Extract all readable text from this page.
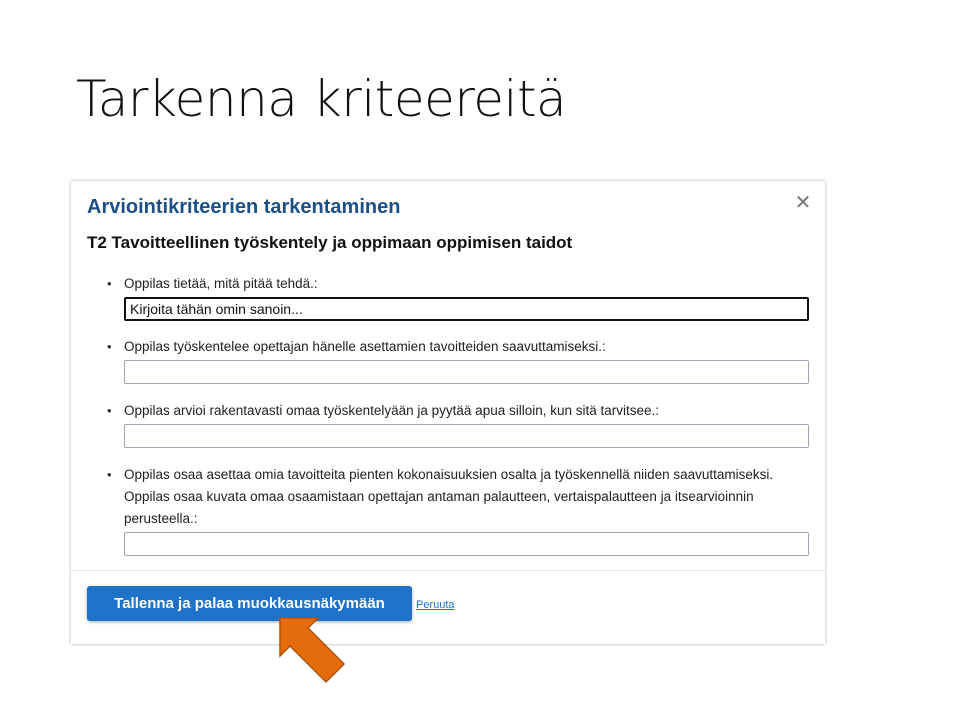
Tarkenna kriteereitä
Arviointikriteerien tarkentaminen	✕
T2 Tavoitteellinen työskentely ja oppimaan oppimisen taidot
• Oppilas tietää, mitä pitää tehdä.:
Kirjoita tähän omin sanoin...
• Oppilas työskentelee opettajan hänelle asettamien tavoitteiden saavuttamiseksi.:
• Oppilas arvioi rakentavasti omaa työskentelyään ja pyytää apua silloin, kun sitä tarvitsee.:
• Oppilas osaa asettaa omia tavoitteita pienten kokonaisuuksien osalta ja työskennellä niiden saavuttamiseksi. Oppilas osaa kuvata omaa osaamistaan opettajan antaman palautteen, vertaispalautteen ja itsearvioinnin perusteella.:
Tallenna ja palaa muokkausnäkymään	Peruuta
